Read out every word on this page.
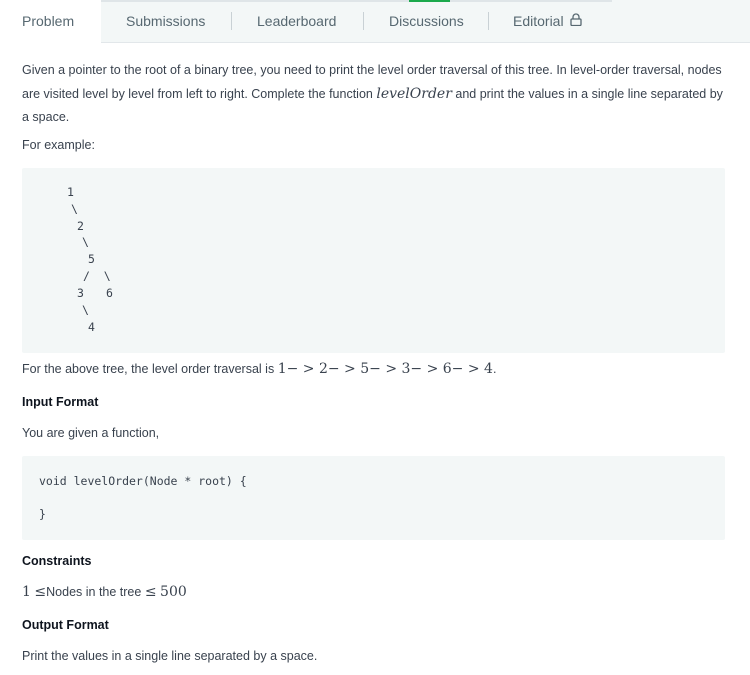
Problem	Submissions	Leaderboard	Discussions	Editorial
Given a pointer to the root of a binary tree, you need to print the level order traversal of this tree. In level-order traversal, nodes are visited level by level from left to right. Complete the function levelOrder and print the values in a single line separated by a space.
For example:
1
\
2
\
5
/  \
3 6
\
4
For the above tree, the level order traversal is 1− > 2− > 5− > 3− > 6− > 4.
Input Format
You are given a function,
void levelOrder(Node * root) {
}
Constraints
1 ≤Nodes in the tree ≤ 500
Output Format
Print the values in a single line separated by a space.
